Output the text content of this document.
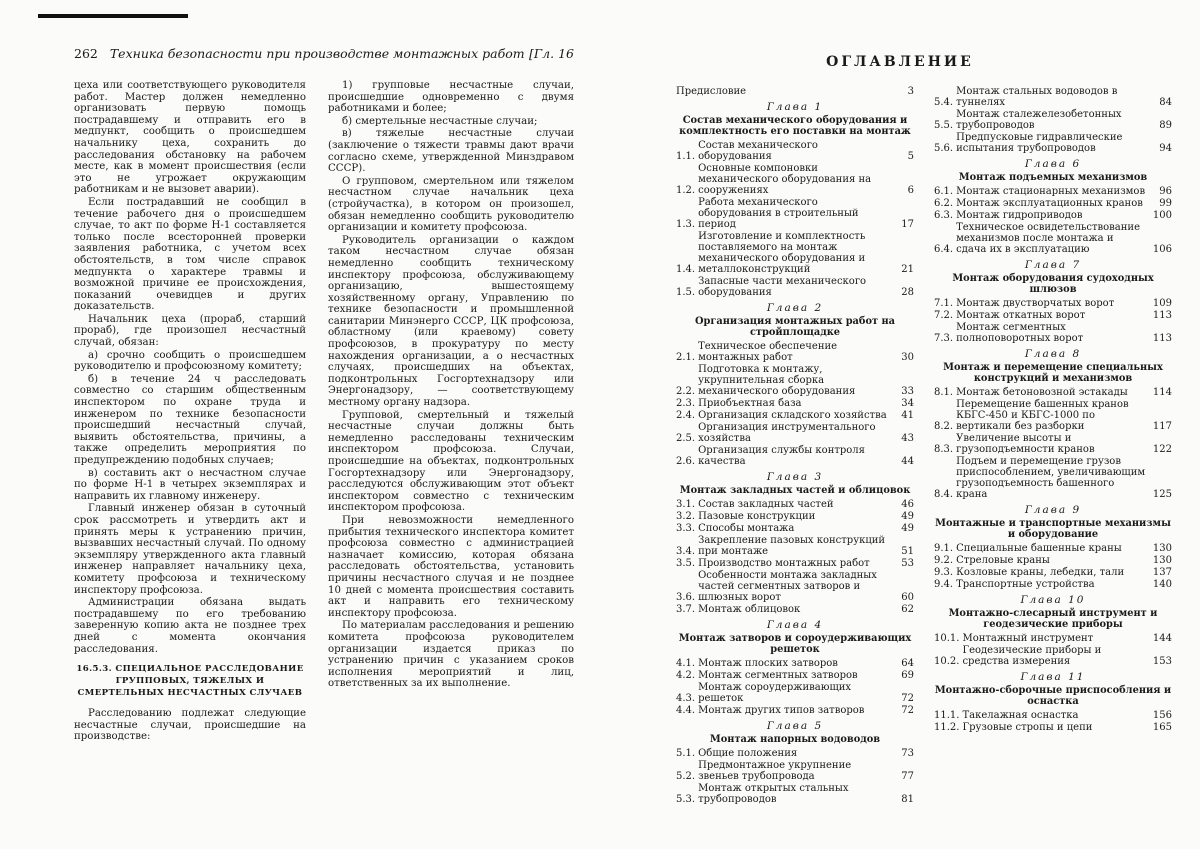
262 Техника безопасности при производстве монтажных работ [Гл. 16

цеха или соответствующего руководителя работ. Мастер должен немедленно организовать первую помощь пострадавшему и отправить его в медпункт, сообщить о происшедшем начальнику цеха, сохранить до расследования обстановку на рабочем месте, как в момент происшествия (если это не угрожает окружающим работникам и не вызовет аварии).

Если пострадавший не сообщил в течение рабочего дня о происшедшем случае, то акт по форме Н-1 составляется только после всесторонней проверки заявления работника, с учетом всех обстоятельств, в том числе справок медпункта о характере травмы и возможной причине ее происхождения, показаний очевидцев и других доказательств.

Начальник цеха (прораб, старший прораб), где произошел несчастный случай, обязан:

а) срочно сообщить о происшедшем руководителю и профсоюзному комитету;

б) в течение 24 ч расследовать совместно со старшим общественным инспектором по охране труда и инженером по технике безопасности происшедший несчастный случай, выявить обстоятельства, причины, а также определить мероприятия по предупреждению подобных случаев;

в) составить акт о несчастном случае по форме Н-1 в четырех экземплярах и направить их главному инженеру.

Главный инженер обязан в суточный срок рассмотреть и утвердить акт и принять меры к устранению причин, вызвавших несчастный случай. По одному экземпляру утвержденного акта главный инженер направляет начальнику цеха, комитету профсоюза и техническому инспектору профсоюза.

Администрации обязана выдать пострадавшему по его требованию заверенную копию акта не позднее трех дней с момента окончания расследования.

16.5.3. СПЕЦИАЛЬНОЕ РАССЛЕДОВАНИЕ ГРУППОВЫХ, ТЯЖЕЛЫХ И СМЕРТЕЛЬНЫХ НЕСЧАСТНЫХ СЛУЧАЕВ

Расследованию подлежат следующие несчастные случаи, происшедшие на производстве:

1) групповые несчастные случаи, происшедшие одновременно с двумя работниками и более;

б) смертельные несчастные случаи;

в) тяжелые несчастные случаи (заключение о тяжести травмы дают врачи согласно схеме, утвержденной Минздравом СССР).

О групповом, смертельном или тяжелом несчастном случае начальник цеха (стройучастка), в котором он произошел, обязан немедленно сообщить руководителю организации и комитету профсоюза.

Руководитель организации о каждом таком несчастном случае обязан немедленно сообщить техническому инспектору профсоюза, обслуживающему организацию, вышестоящему хозяйственному органу, Управлению по технике безопасности и промышленной санитарии Минэнерго СССР, ЦК профсоюза, областному (или краевому) совету профсоюзов, в прокуратуру по месту нахождения организации, а о несчастных случаях, происшедших на объектах, подконтрольных Госгортехнадзору или Энергонадзору, — соответствующему местному органу надзора.

Групповой, смертельный и тяжелый несчастные случаи должны быть немедленно расследованы техническим инспектором профсоюза. Случаи, происшедшие на объектах, подконтрольных Госгортехнадзору или Энергонадзору, расследуются обслуживающим этот объект инспектором совместно с техническим инспектором профсоюза.

При невозможности немедленного прибытия технического инспектора комитет профсоюза совместно с администрацией назначает комиссию, которая обязана расследовать обстоятельства, установить причины несчастного случая и не позднее 10 дней с момента происшествия составить акт и направить его техническому инспектору профсоюза.

По материалам расследования и решению комитета профсоюза руководителем организации издается приказ по устранению причин с указанием сроков исполнения мероприятий и лиц, ответственных за их выполнение.

ОГЛАВЛЕНИЕ
Предисловие	3
Глава 1
Состав механического оборудования и комплектность его поставки на монтаж
1.1.
Состав механического оборудования	5
1.2.
Основные компоновки механического оборудования на сооружениях	6
1.3.
Работа механического оборудования в строительный период	17
1.4.
Изготовление и комплектность поставляемого на монтаж механического оборудования и металлоконструкций	21
1.5.
Запасные части механического оборудования	28
Глава 2
Организация монтажных работ на стройплощадке
2.1.
Техническое обеспечение монтажных работ	30
2.2.
Подготовка к монтажу, укрупнительная сборка механического оборудования	33
2.3. Приобъектная база	34
2.4. Организация складского хозяйства	41
2.5.
Организация инструментального хозяйства	43
2.6.
Организация службы контроля качества	44
Глава 3
Монтаж закладных частей и облицовок
3.1. Состав закладных частей	46
3.2. Пазовые конструкции	49
3.3. Способы монтажа	49
3.4.
Закрепление пазовых конструкций при монтаже	51
3.5. Производство монтажных работ	53
3.6.
Особенности монтажа закладных частей сегментных затворов и шлюзных ворот	60
3.7. Монтаж облицовок	62
Глава 4
Монтаж затворов и сороудерживающих решеток
4.1. Монтаж плоских затворов	64
4.2. Монтаж сегментных затворов	69
4.3.
Монтаж сороудерживающих решеток	72
4.4. Монтаж других типов затворов	72
Глава 5
Монтаж напорных водоводов
5.1. Общие положения	73
5.2.
Предмонтажное укрупнение звеньев трубопровода	77
5.3.
Монтаж открытых стальных трубопроводов	81
5.4.
Монтаж стальных водоводов в туннелях	84
5.5.
Монтаж сталежелезобетонных трубопроводов	89
5.6.
Предпусковые гидравлические испытания трубопроводов	94
Глава 6
Монтаж подъемных механизмов
6.1. Монтаж стационарных механизмов	96
6.2. Монтаж эксплуатационных кранов	99
6.3. Монтаж гидроприводов	100
6.4.
Техническое освидетельствование механизмов после монтажа и сдача их в эксплуатацию	106
Глава 7
Монтаж оборудования судоходных шлюзов
7.1. Монтаж двустворчатых ворот	109
7.2. Монтаж откатных ворот	113
7.3.
Монтаж сегментных полноповоротных ворот	113
Глава 8
Монтаж и перемещение специальных конструкций и механизмов
8.1. Монтаж бетоновозной эстакады	114
8.2.
Перемещение башенных кранов КБГС-450 и КБГС-1000 по вертикали без разборки	117
8.3.
Увеличение высоты и грузоподъемности кранов	122
8.4.
Подъем и перемещение грузов приспособлением, увеличивающим грузоподъемность башенного крана	125
Глава 9
Монтажные и транспортные механизмы и оборудование
9.1. Специальные башенные краны	130
9.2. Стреловые краны	130
9.3. Козловые краны, лебедки, тали	137
9.4. Транспортные устройства	140
Глава 10
Монтажно-слесарный инструмент и геодезические приборы
10.1. Монтажный инструмент	144
10.2.
Геодезические приборы и средства измерения	153
Глава 11
Монтажно-сборочные приспособления и оснастка
11.1. Такелажная оснастка	156
11.2. Грузовые стропы и цепи	165
